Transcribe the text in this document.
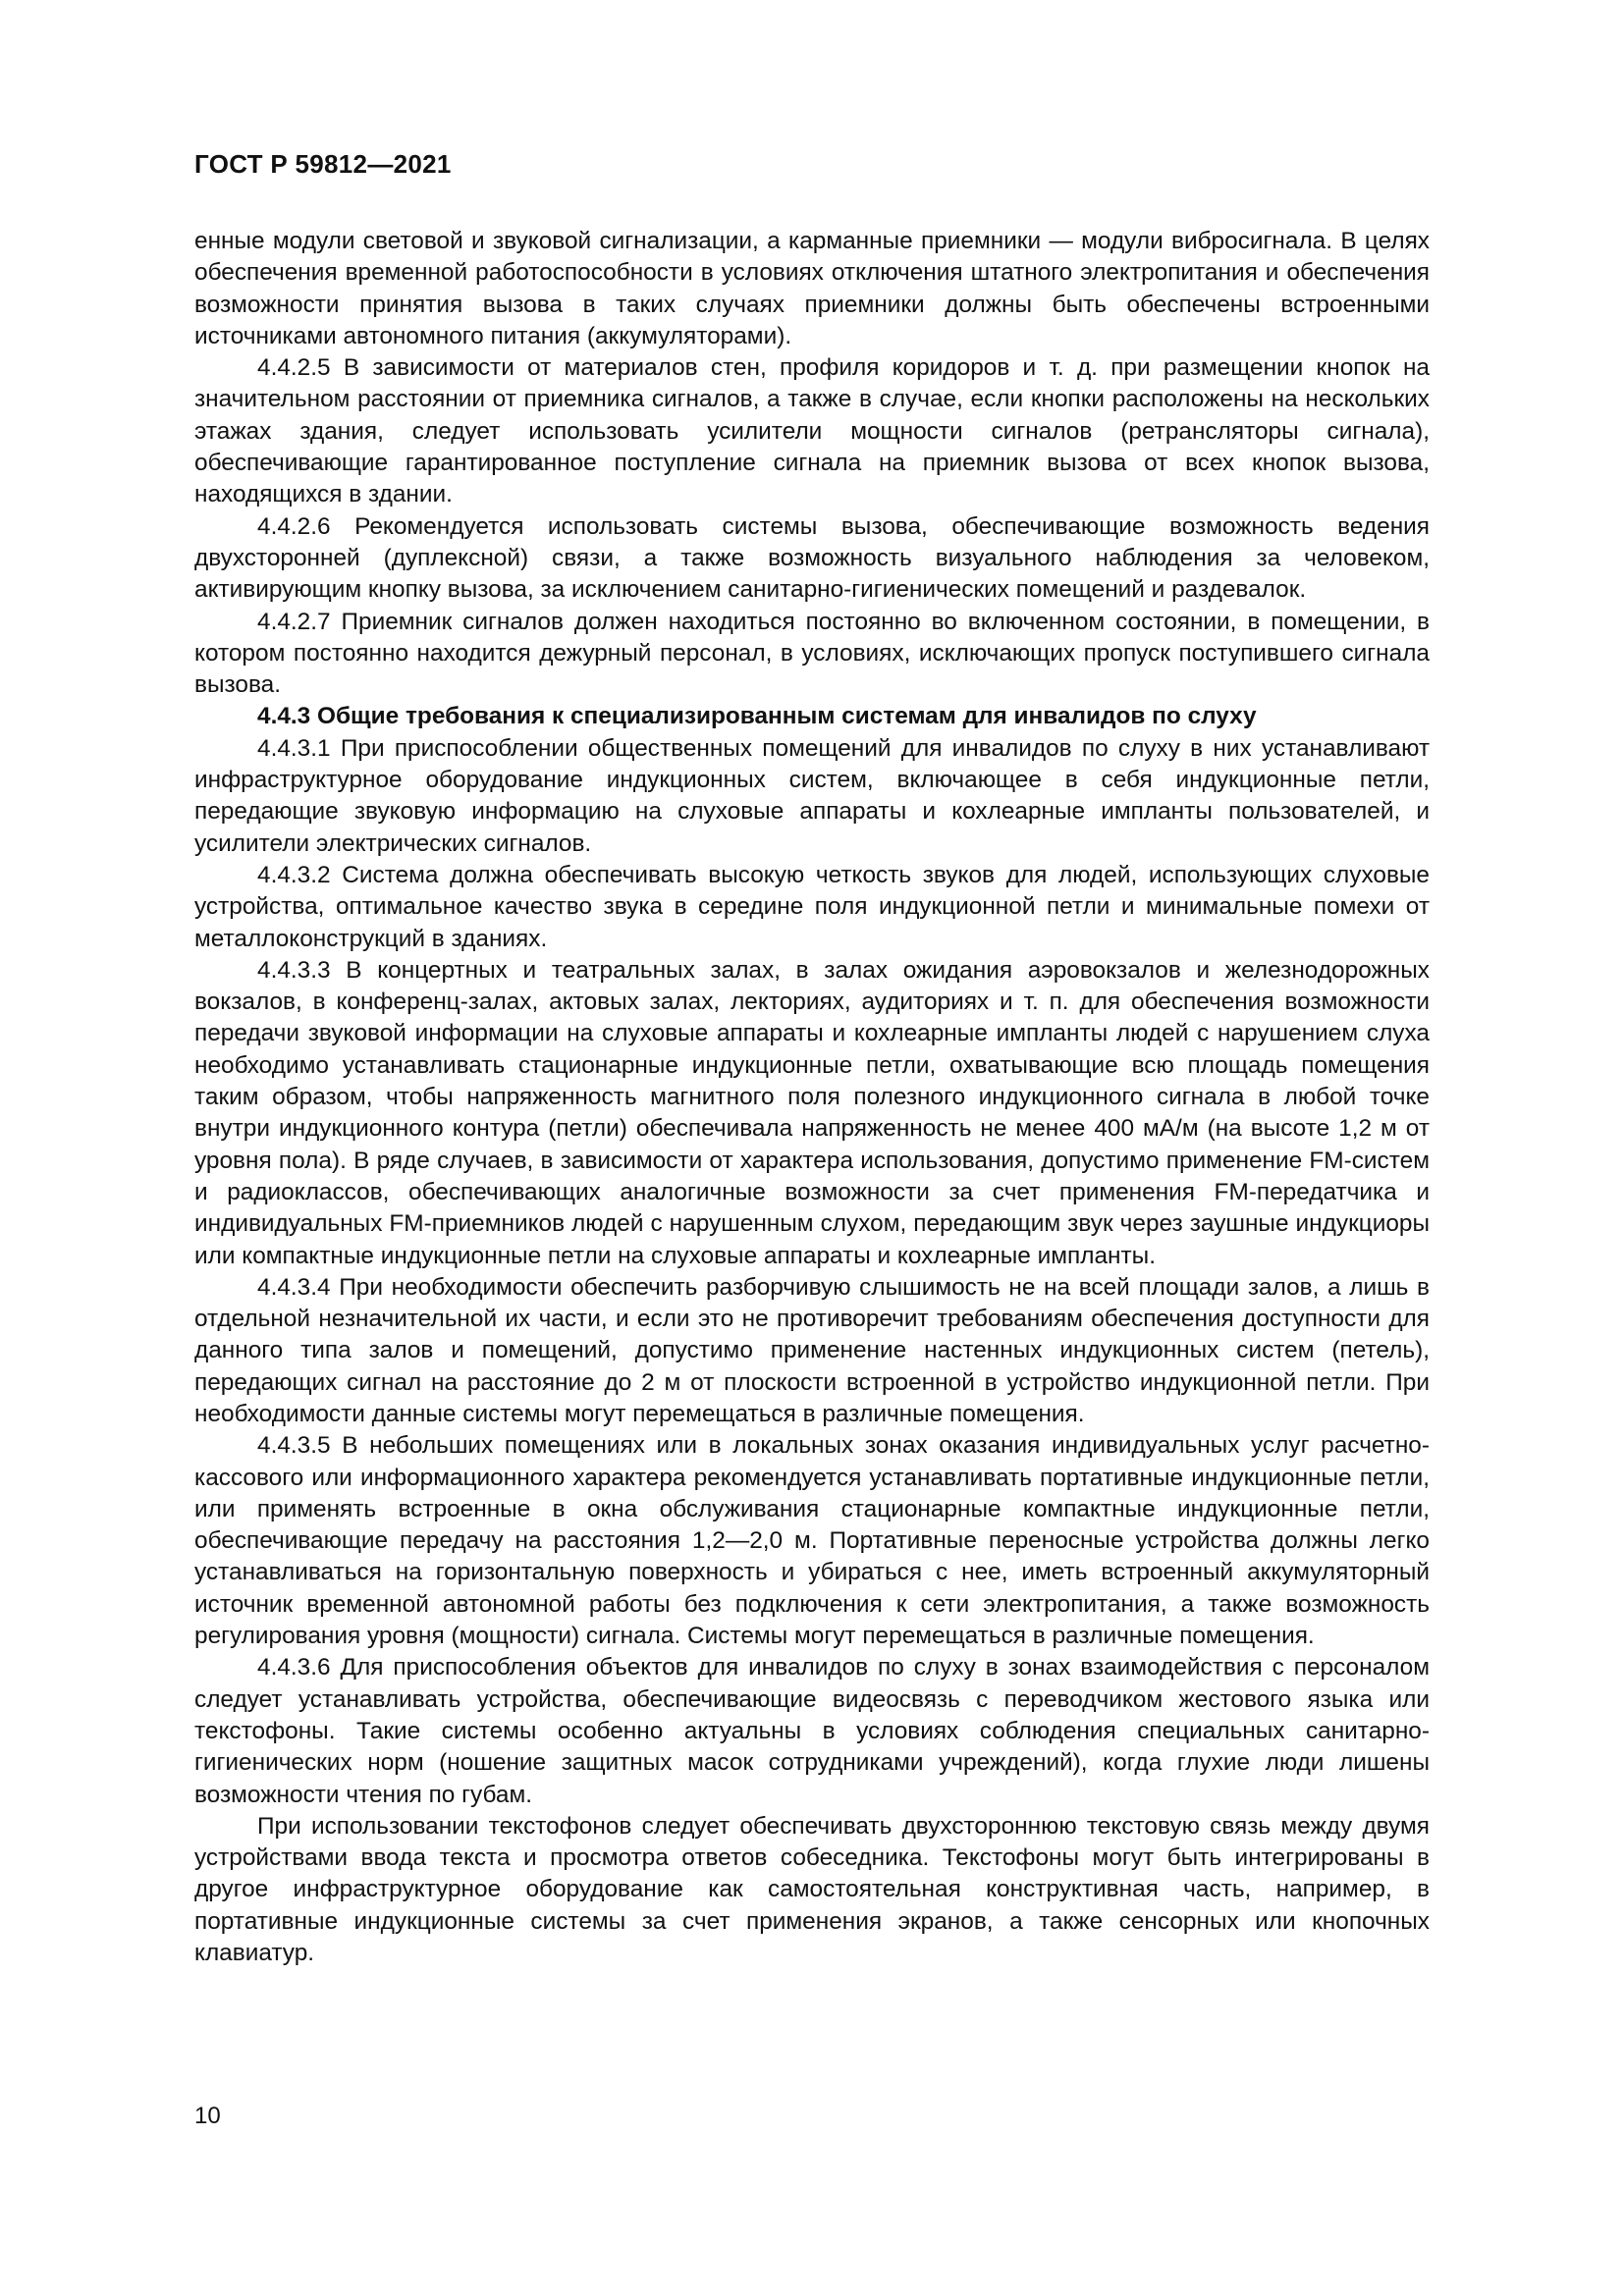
ГОСТ Р 59812—2021

енные модули световой и звуковой сигнализации, а карманные приемники — модули вибросигнала. В целях обеспечения временной работоспособности в условиях отключения штатного электропитания и обеспечения возможности принятия вызова в таких случаях приемники должны быть обеспечены встроенными источниками автономного питания (аккумуляторами).

4.4.2.5 В зависимости от материалов стен, профиля коридоров и т. д. при размещении кнопок на значительном расстоянии от приемника сигналов, а также в случае, если кнопки расположены на нескольких этажах здания, следует использовать усилители мощности сигналов (ретрансляторы сигнала), обеспечивающие гарантированное поступление сигнала на приемник вызова от всех кнопок вызова, находящихся в здании.

4.4.2.6 Рекомендуется использовать системы вызова, обеспечивающие возможность ведения двухсторонней (дуплексной) связи, а также возможность визуального наблюдения за человеком, активирующим кнопку вызова, за исключением санитарно-гигиенических помещений и раздевалок.

4.4.2.7 Приемник сигналов должен находиться постоянно во включенном состоянии, в помещении, в котором постоянно находится дежурный персонал, в условиях, исключающих пропуск поступившего сигнала вызова.

4.4.3 Общие требования к специализированным системам для инвалидов по слуху

4.4.3.1 При приспособлении общественных помещений для инвалидов по слуху в них устанавливают инфраструктурное оборудование индукционных систем, включающее в себя индукционные петли, передающие звуковую информацию на слуховые аппараты и кохлеарные импланты пользователей, и усилители электрических сигналов.

4.4.3.2 Система должна обеспечивать высокую четкость звуков для людей, использующих слуховые устройства, оптимальное качество звука в середине поля индукционной петли и минимальные помехи от металлоконструкций в зданиях.

4.4.3.3 В концертных и театральных залах, в залах ожидания аэровокзалов и железнодорожных вокзалов, в конференц-залах, актовых залах, лекториях, аудиториях и т. п. для обеспечения возможности передачи звуковой информации на слуховые аппараты и кохлеарные импланты людей с нарушением слуха необходимо устанавливать стационарные индукционные петли, охватывающие всю площадь помещения таким образом, чтобы напряженность магнитного поля полезного индукционного сигнала в любой точке внутри индукционного контура (петли) обеспечивала напряженность не менее 400 мА/м (на высоте 1,2 м от уровня пола). В ряде случаев, в зависимости от характера использования, допустимо применение FM-систем и радиоклассов, обеспечивающих аналогичные возможности за счет применения FM-передатчика и индивидуальных FM-приемников людей с нарушенным слухом, передающим звук через заушные индукциоры или компактные индукционные петли на слуховые аппараты и кохлеарные импланты.

4.4.3.4 При необходимости обеспечить разборчивую слышимость не на всей площади залов, а лишь в отдельной незначительной их части, и если это не противоречит требованиям обеспечения доступности для данного типа залов и помещений, допустимо применение настенных индукционных систем (петель), передающих сигнал на расстояние до 2 м от плоскости встроенной в устройство индукционной петли. При необходимости данные системы могут перемещаться в различные помещения.

4.4.3.5 В небольших помещениях или в локальных зонах оказания индивидуальных услуг расчетно-кассового или информационного характера рекомендуется устанавливать портативные индукционные петли, или применять встроенные в окна обслуживания стационарные компактные индукционные петли, обеспечивающие передачу на расстояния 1,2—2,0 м. Портативные переносные устройства должны легко устанавливаться на горизонтальную поверхность и убираться с нее, иметь встроенный аккумуляторный источник временной автономной работы без подключения к сети электропитания, а также возможность регулирования уровня (мощности) сигнала. Системы могут перемещаться в различные помещения.

4.4.3.6 Для приспособления объектов для инвалидов по слуху в зонах взаимодействия с персоналом следует устанавливать устройства, обеспечивающие видеосвязь с переводчиком жестового языка или текстофоны. Такие системы особенно актуальны в условиях соблюдения специальных санитарно-гигиенических норм (ношение защитных масок сотрудниками учреждений), когда глухие люди лишены возможности чтения по губам.

При использовании текстофонов следует обеспечивать двухстороннюю текстовую связь между двумя устройствами ввода текста и просмотра ответов собеседника. Текстофоны могут быть интегрированы в другое инфраструктурное оборудование как самостоятельная конструктивная часть, например, в портативные индукционные системы за счет применения экранов, а также сенсорных или кнопочных клавиатур.

10
